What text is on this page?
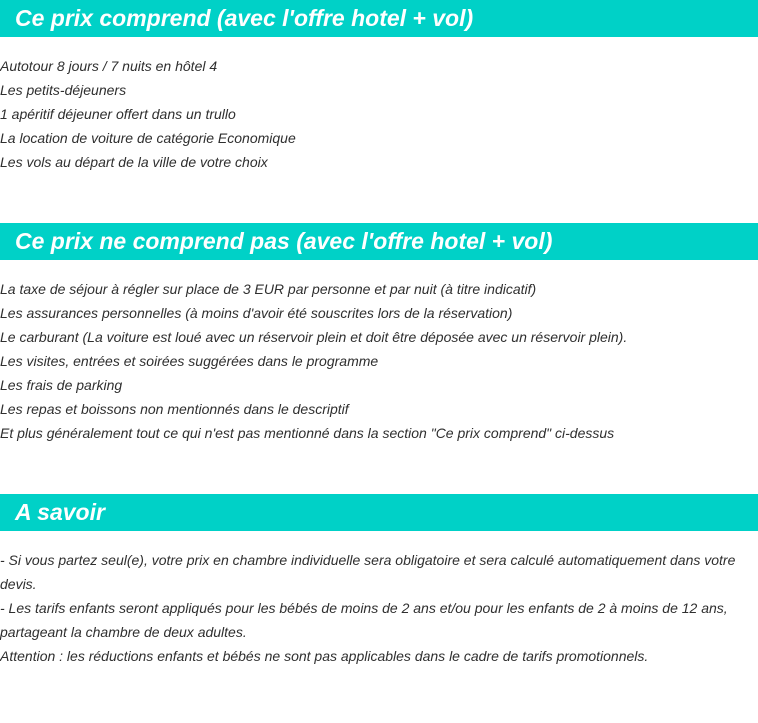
Ce prix comprend (avec l'offre hotel + vol)
Autotour 8 jours / 7 nuits en hôtel 4
Les petits-déjeuners
1 apéritif déjeuner offert dans un trullo
La location de voiture de catégorie Economique
Les vols au départ de la ville de votre choix
Ce prix ne comprend pas (avec l'offre hotel + vol)
La taxe de séjour à régler sur place de 3 EUR par personne et par nuit (à titre indicatif)
Les assurances personnelles (à moins d'avoir été souscrites lors de la réservation)
Le carburant (La voiture est loué avec un réservoir plein et doit être déposée avec un réservoir plein).
Les visites, entrées et soirées suggérées dans le programme
Les frais de parking
Les repas et boissons non mentionnés dans le descriptif
Et plus généralement tout ce qui n'est pas mentionné dans la section "Ce prix comprend" ci-dessus
A savoir
- Si vous partez seul(e), votre prix en chambre individuelle sera obligatoire et sera calculé automatiquement dans votre devis.
- Les tarifs enfants seront appliqués pour les bébés de moins de 2 ans et/ou pour les enfants de 2 à moins de 12 ans, partageant la chambre de deux adultes.
Attention : les réductions enfants et bébés ne sont pas applicables dans le cadre de tarifs promotionnels.
